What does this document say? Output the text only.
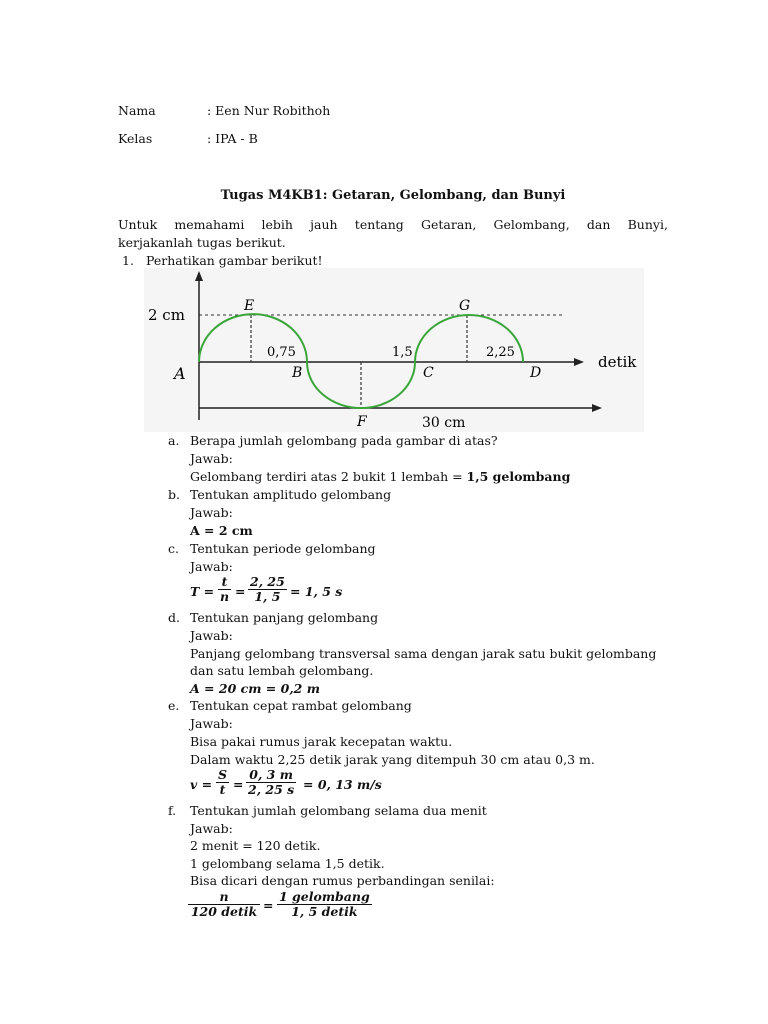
Nama	: Een Nur Robithoh
Kelas	: IPA - B
Tugas M4KB1: Getaran, Gelombang, dan Bunyi
Untuk memahami lebih jauh tentang Getaran, Gelombang, dan Bunyi,
kerjakanlah tugas berikut.
1. Perhatikan gambar berikut!
2 cm	E	G
A	B	C	D
F
0,75	1,5	2,25
detik
30 cm
a. Berapa jumlah gelombang pada gambar di atas?
Jawab:
Gelombang terdiri atas 2 bukit 1 lembah = 1,5 gelombang
b. Tentukan amplitudo gelombang
Jawab:
A = 2 cm
c. Tentukan periode gelombang
Jawab:
$T = \frac{t}{n} = \frac{2, 25}{1, 5} = 1$, 5 s
d. Tentukan panjang gelombang
Jawab:
Panjang gelombang transversal sama dengan jarak satu bukit gelombang
dan satu lembah gelombang.
A = 20 cm = 0,2 m
e. Tentukan cepat rambat gelombang
Jawab:
Bisa pakai rumus jarak kecepatan waktu.
Dalam waktu 2,25 detik jarak yang ditempuh 30 cm atau 0,3 m.
$v = \frac{S}{t} = \frac{0, 3 m}{2, 25 s} = 0$, 13 m/s
f. Tentukan jumlah gelombang selama dua menit
Jawab:
2 menit = 120 detik.
1 gelombang selama 1,5 detik.
Bisa dicari dengan rumus perbandingan senilai:
n
120 detik =
1 gelombang
1, 5 detik
